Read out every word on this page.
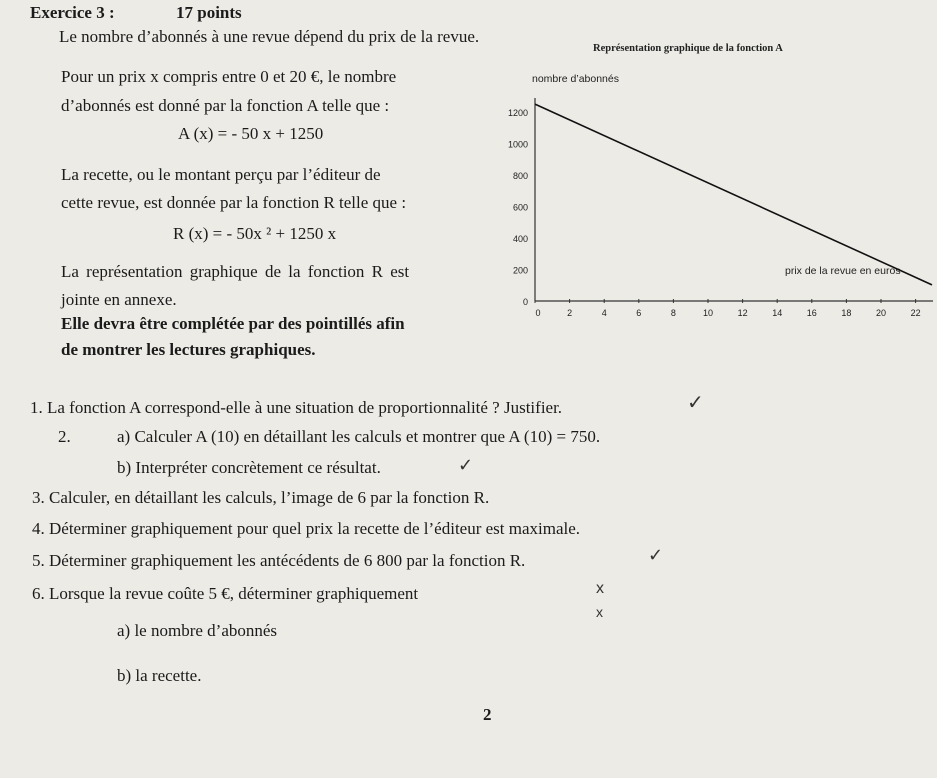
Exercice 3 :	17 points
Le nombre d’abonnés à une revue dépend du prix de la revue.
Pour un prix x compris entre 0 et 20 €, le nombre
d’abonnés est donné par la fonction A telle que :
A (x) = - 50 x + 1250
La recette, ou le montant perçu par l’éditeur de
cette revue, est donnée par la fonction R telle que :
R (x) = - 50x ² + 1250 x
La représentation graphique de la fonction R est
jointe en annexe.
Elle devra être complétée par des pointillés afin
de montrer les lectures graphiques.
Représentation graphique de la fonction A
nombre d’abonnés
prix de la revue en euros
0
200
400
600
800
1000
1200
0	2	4	6	8	10	12	14	16	18	20	22
1. La fonction A correspond-elle à une situation de proportionnalité ? Justifier.	✓
2.	a) Calculer A (10) en détaillant les calculs et montrer que A (10) = 750.
b) Interpréter concrètement ce résultat.	✓
3. Calculer, en détaillant les calculs, l’image de 6 par la fonction R.
4. Déterminer graphiquement pour quel prix la recette de l’éditeur est maximale.
5. Déterminer graphiquement les antécédents de 6 800 par la fonction R.	✓
6. Lorsque la revue coûte 5 €, déterminer graphiquement	x
x
a) le nombre d’abonnés
b) la recette.
2
